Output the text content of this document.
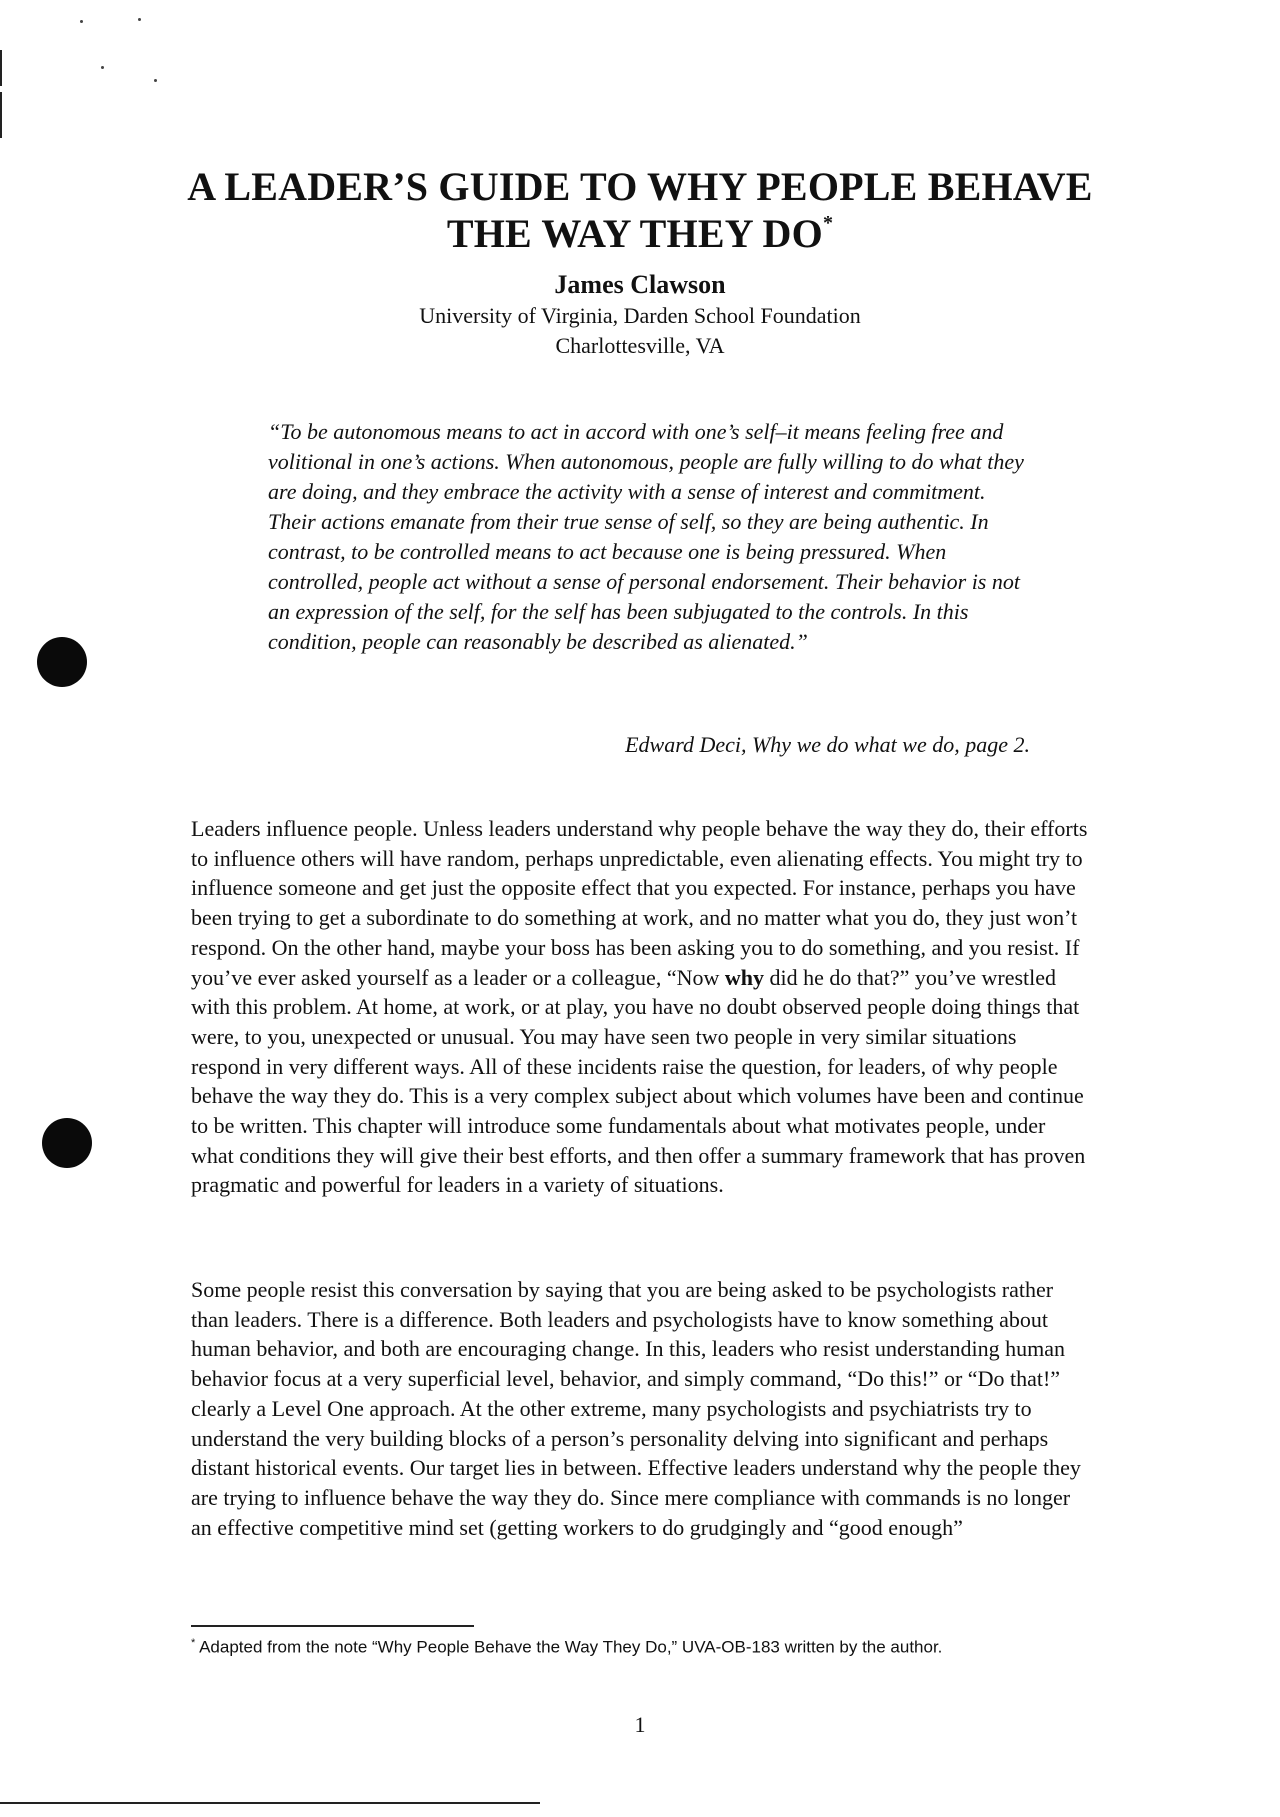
A LEADER’S GUIDE TO WHY PEOPLE BEHAVE
THE WAY THEY DO*
James Clawson
University of Virginia, Darden School Foundation
Charlottesville, VA

“To be autonomous means to act in accord with one’s self–it means feeling free and volitional in one’s actions. When autonomous, people are fully willing to do what they are doing, and they embrace the activity with a sense of interest and commitment. Their actions emanate from their true sense of self, so they are being authentic. In contrast, to be controlled means to act because one is being pressured. When controlled, people act without a sense of personal endorsement. Their behavior is not an expression of the self, for the self has been subjugated to the controls. In this condition, people can reasonably be described as alienated.”

Edward Deci, Why we do what we do, page 2.

Leaders influence people. Unless leaders understand why people behave the way they do, their efforts to influence others will have random, perhaps unpredictable, even alienating effects. You might try to influence someone and get just the opposite effect that you expected. For instance, perhaps you have been trying to get a subordinate to do something at work, and no matter what you do, they just won’t respond. On the other hand, maybe your boss has been asking you to do something, and you resist. If you’ve ever asked yourself as a leader or a colleague, “Now why did he do that?” you’ve wrestled with this problem. At home, at work, or at play, you have no doubt observed people doing things that were, to you, unexpected or unusual. You may have seen two people in very similar situations respond in very different ways. All of these incidents raise the question, for leaders, of why people behave the way they do. This is a very complex subject about which volumes have been and continue to be written. This chapter will introduce some fundamentals about what motivates people, under what conditions they will give their best efforts, and then offer a summary framework that has proven pragmatic and powerful for leaders in a variety of situations.

Some people resist this conversation by saying that you are being asked to be psychologists rather than leaders. There is a difference. Both leaders and psychologists have to know something about human behavior, and both are encouraging change. In this, leaders who resist understanding human behavior focus at a very superficial level, behavior, and simply command, “Do this!” or “Do that!” clearly a Level One approach. At the other extreme, many psychologists and psychiatrists try to understand the very building blocks of a person’s personality delving into significant and perhaps distant historical events. Our target lies in between. Effective leaders understand why the people they are trying to influence behave the way they do. Since mere compliance with commands is no longer an effective competitive mind set (getting workers to do grudgingly and “good enough”

* Adapted from the note “Why People Behave the Way They Do,” UVA-OB-183 written by the author.
1
